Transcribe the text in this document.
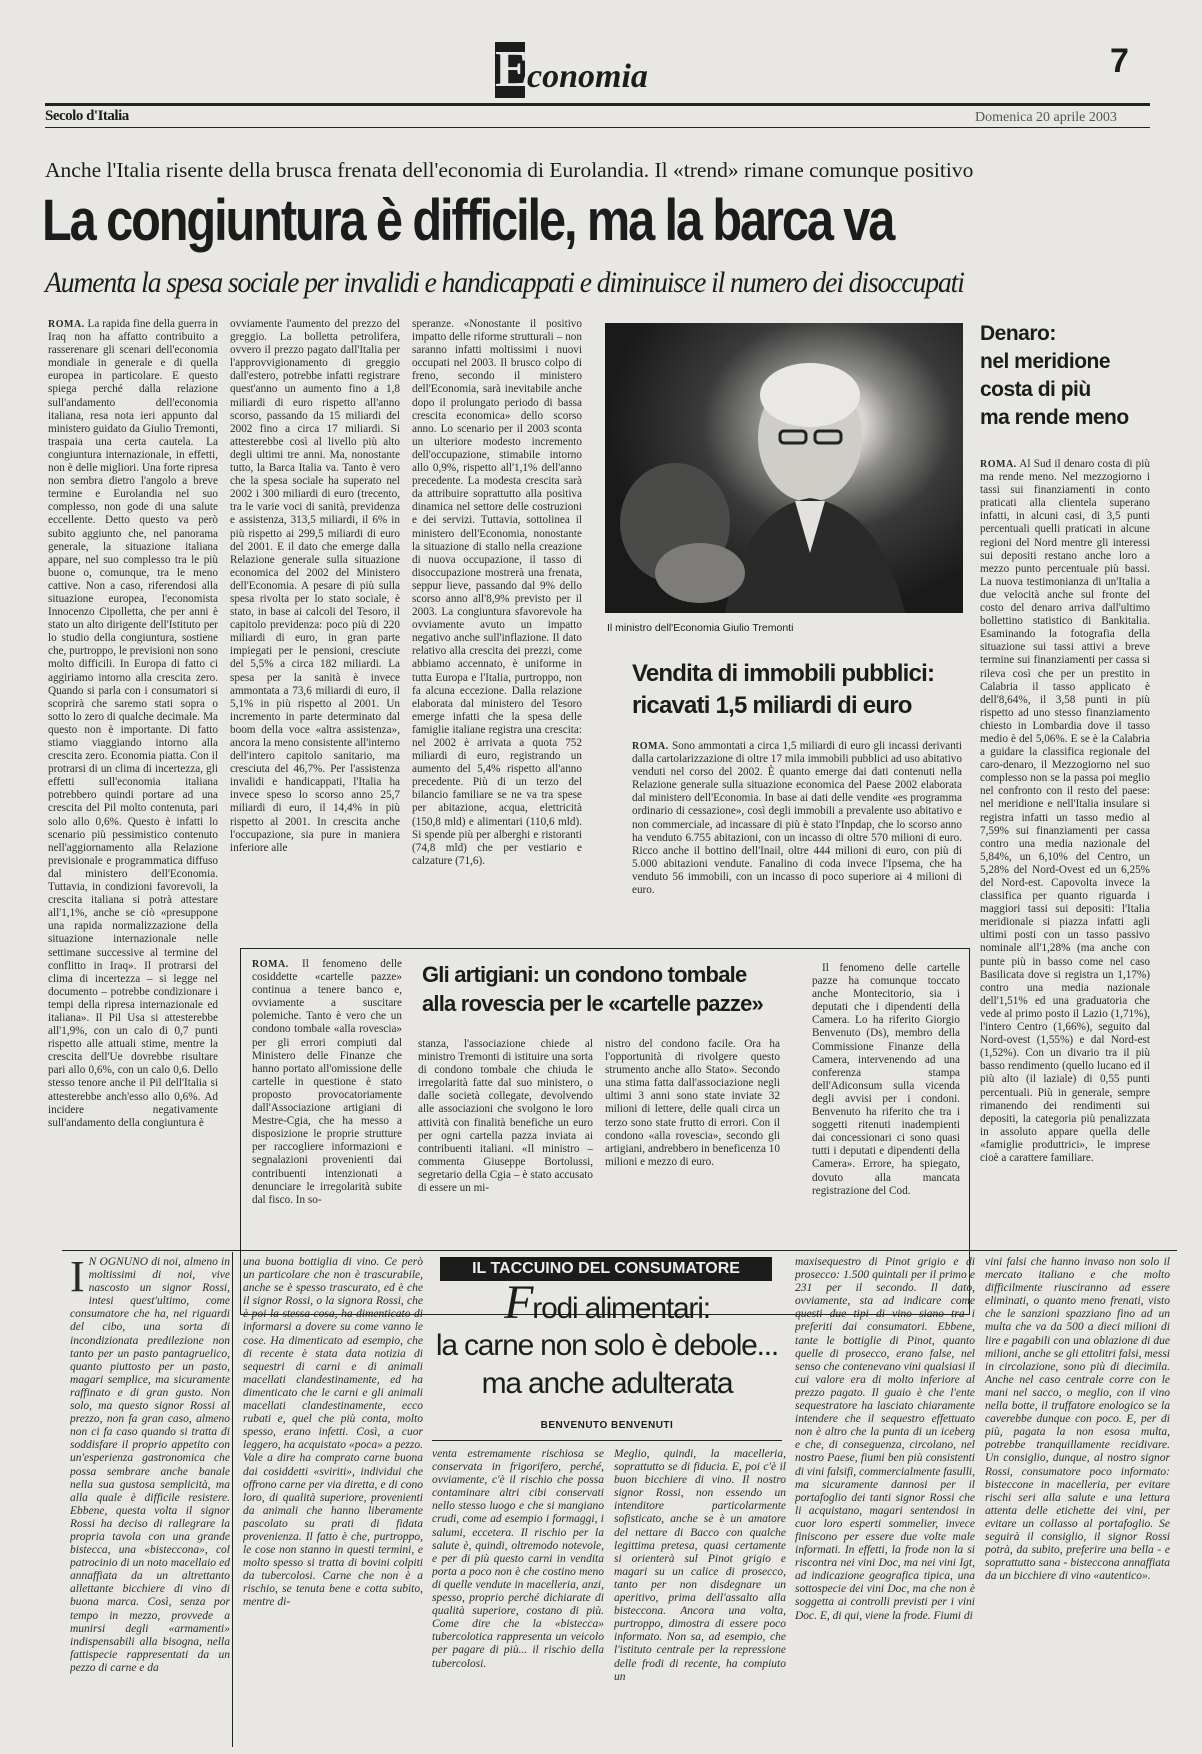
E
conomia	7
Secolo d'Italia	Domenica 20 aprile 2003
Anche l'Italia risente della brusca frenata dell'economia di Eurolandia. Il «trend» rimane comunque positivo
La congiuntura è difficile, ma la barca va
Aumenta la spesa sociale per invalidi e handicappati e diminuisce il numero dei disoccupati

ROMA. La rapida fine della guerra in Iraq non ha affatto contribuito a rasserenare gli scenari dell'economia mondiale in generale e di quella europea in particolare. E questo spiega perché dalla relazione sull'andamento dell'economia italiana, resa nota ieri appunto dal ministero guidato da Giulio Tremonti, traspaia una certa cautela. La congiuntura internazionale, in effetti, non è delle migliori. Una forte ripresa non sembra dietro l'angolo a breve termine e Eurolandia nel suo complesso, non gode di una salute eccellente. Detto questo va però subito aggiunto che, nel panorama generale, la situazione italiana appare, nel suo complesso tra le più buone o, comunque, tra le meno cattive. Non a caso, riferendosi alla situazione europea, l'economista Innocenzo Cipolletta, che per anni è stato un alto dirigente dell'Istituto per lo studio della congiuntura, sostiene che, purtroppo, le previsioni non sono molto difficili. In Europa di fatto ci aggiriamo intorno alla crescita zero. Quando si parla con i consumatori si scoprirà che saremo stati sopra o sotto lo zero di qualche decimale. Ma questo non è importante. Di fatto stiamo viaggiando intorno alla crescita zero. Economia piatta. Con il protrarsi di un clima di incertezza, gli effetti sull'economia italiana potrebbero quindi portare ad una crescita del Pil molto contenuta, pari solo allo 0,6%. Questo è infatti lo scenario più pessimistico contenuto nell'aggiornamento alla Relazione previsionale e programmatica diffuso dal ministero dell'Economia. Tuttavia, in condizioni favorevoli, la crescita italiana si potrà attestare all'1,1%, anche se ciò «presuppone una rapida normalizzazione della situazione internazionale nelle settimane successive al termine del conflitto in Iraq». Il protrarsi del clima di incertezza – si legge nel documento – potrebbe condizionare i tempi della ripresa internazionale ed italiana». Il Pil Usa si attesterebbe all'1,9%, con un calo di 0,7 punti rispetto alle attuali stime, mentre la crescita dell'Ue dovrebbe risultare pari allo 0,6%, con un calo 0,6. Dello stesso tenore anche il Pil dell'Italia si attesterebbe anch'esso allo 0,6%. Ad incidere negativamente sull'andamento della congiuntura è

ovviamente l'aumento del prezzo del greggio. La bolletta petrolifera, ovvero il prezzo pagato dall'Italia per l'approvvigionamento di greggio dall'estero, potrebbe infatti registrare quest'anno un aumento fino a 1,8 miliardi di euro rispetto all'anno scorso, passando da 15 miliardi del 2002 fino a circa 17 miliardi. Si attesterebbe così al livello più alto degli ultimi tre anni. Ma, nonostante tutto, la Barca Italia va. Tanto è vero che la spesa sociale ha superato nel 2002 i 300 miliardi di euro (trecento, tra le varie voci di sanità, previdenza e assistenza, 313,5 miliardi, il 6% in più rispetto ai 299,5 miliardi di euro del 2001. E il dato che emerge dalla Relazione generale sulla situazione economica del 2002 del Ministero dell'Economia. A pesare di più sulla spesa rivolta per lo stato sociale, è stato, in base ai calcoli del Tesoro, il capitolo previdenza: poco più di 220 miliardi di euro, in gran parte impiegati per le pensioni, cresciute del 5,5% a circa 182 miliardi. La spesa per la sanità è invece ammontata a 73,6 miliardi di euro, il 5,1% in più rispetto al 2001. Un incremento in parte determinato dal boom della voce «altra assistenza», ancora la meno consistente all'interno dell'intero capitolo sanitario, ma cresciuta del 46,7%. Per l'assistenza invalidi e handicappati, l'Italia ha invece speso lo scorso anno 25,7 miliardi di euro, il 14,4% in più rispetto al 2001. In crescita anche l'occupazione, sia pure in maniera inferiore alle

speranze. «Nonostante il positivo impatto delle riforme strutturali – non saranno infatti moltissimi i nuovi occupati nel 2003. Il brusco colpo di freno, secondo il ministero dell'Economia, sarà inevitabile anche dopo il prolungato periodo di bassa crescita economica» dello scorso anno. Lo scenario per il 2003 sconta un ulteriore modesto incremento dell'occupazione, stimabile intorno allo 0,9%, rispetto all'1,1% dell'anno precedente. La modesta crescita sarà da attribuire soprattutto alla positiva dinamica nel settore delle costruzioni e dei servizi. Tuttavia, sottolinea il ministero dell'Economia, nonostante la situazione di stallo nella creazione di nuova occupazione, il tasso di disoccupazione mostrerà una frenata, seppur lieve, passando dal 9% dello scorso anno all'8,9% previsto per il 2003. La congiuntura sfavorevole ha ovviamente avuto un impatto negativo anche sull'inflazione. Il dato relativo alla crescita dei prezzi, come abbiamo accennato, è uniforme in tutta Europa e l'Italia, purtroppo, non fa alcuna eccezione. Dalla relazione elaborata dal ministero del Tesoro emerge infatti che la spesa delle famiglie italiane registra una crescita: nel 2002 è arrivata a quota 752 miliardi di euro, registrando un aumento del 5,4% rispetto all'anno precedente. Più di un terzo del bilancio familiare se ne va tra spese per abitazione, acqua, elettricità (150,8 mld) e alimentari (110,6 mld). Si spende più per alberghi e ristoranti (74,8 mld) che per vestiario e calzature (71,6).

Il ministro dell'Economia Giulio Tremonti
Denaro:
nel meridione
costa di più
ma rende meno

ROMA. Al Sud il denaro costa di più ma rende meno. Nel mezzogiorno i tassi sui finanziamenti in conto praticati alla clientela superano infatti, in alcuni casi, di 3,5 punti percentuali quelli praticati in alcune regioni del Nord mentre gli interessi sui depositi restano anche loro a mezzo punto percentuale più bassi. La nuova testimonianza di un'Italia a due velocità anche sul fronte del costo del denaro arriva dall'ultimo bollettino statistico di Bankitalia. Esaminando la fotografia della situazione sui tassi attivi a breve termine sui finanziamenti per cassa si rileva così che per un prestito in Calabria il tasso applicato è dell'8,64%, il 3,58 punti in più rispetto ad uno stesso finanziamento chiesto in Lombardia dove il tasso medio è del 5,06%. E se è la Calabria a guidare la classifica regionale del caro-denaro, il Mezzogiorno nel suo complesso non se la passa poi meglio nel confronto con il resto del paese: nel meridione e nell'Italia insulare si registra infatti un tasso medio al 7,59% sui finanziamenti per cassa contro una media nazionale del 5,84%, un 6,10% del Centro, un 5,28% del Nord-Ovest ed un 6,25% del Nord-est. Capovolta invece la classifica per quanto riguarda i maggiori tassi sui depositi: l'Italia meridionale si piazza infatti agli ultimi posti con un tasso passivo nominale all'1,28% (ma anche con punte più in basso come nel caso Basilicata dove si registra un 1,17%) contro una media nazionale dell'1,51% ed una graduatoria che vede al primo posto il Lazio (1,71%), l'intero Centro (1,66%), seguito dal Nord-ovest (1,55%) e dal Nord-est (1,52%). Con un divario tra il più basso rendimento (quello lucano ed il più alto (il laziale) di 0,55 punti percentuali. Più in generale, sempre rimanendo dei rendimenti sui depositi, la categoria più penalizzata in assoluto appare quella delle «famiglie produttrici», le imprese cioè a carattere familiare.

Vendita di immobili pubblici:
ricavati 1,5 miliardi di euro

ROMA. Sono ammontati a circa 1,5 miliardi di euro gli incassi derivanti dalla cartolarizzazione di oltre 17 mila immobili pubblici ad uso abitativo venduti nel corso del 2002. È quanto emerge dai dati contenuti nella Relazione generale sulla situazione economica del Paese 2002 elaborata dal ministero dell'Economia. In base ai dati delle vendite «es programma ordinario di cessazione», così degli immobili a prevalente uso abitativo e non commerciale, ad incassare di più è stato l'Inpdap, che lo scorso anno ha venduto 6.755 abitazioni, con un incasso di oltre 570 milioni di euro. Ricco anche il bottino dell'Inail, oltre 444 milioni di euro, con più di 5.000 abitazioni vendute. Fanalino di coda invece l'Ipsema, che ha venduto 56 immobili, con un incasso di poco superiore ai 4 milioni di euro.

ROMA. Il fenomeno delle cosiddette «cartelle pazze» continua a tenere banco e, ovviamente a suscitare polemiche. Tanto è vero che un condono tombale «alla rovescia» per gli errori compiuti dal Ministero delle Finanze che hanno portato all'omissione delle cartelle in questione è stato proposto provocatoriamente dall'Associazione artigiani di Mestre-Cgia, che ha messo a disposizione le proprie strutture per raccogliere informazioni e segnalazioni provenienti dai contribuenti intenzionati a denunciare le irregolarità subite dal fisco. In so-

Gli artigiani: un condono tombale
alla rovescia per le «cartelle pazze»

stanza, l'associazione chiede al ministro Tremonti di istituire una sorta di condono tombale che chiuda le irregolarità fatte dal suo ministero, o dalle società collegate, devolvendo alle associazioni che svolgono le loro attività con finalità benefiche un euro per ogni cartella pazza inviata ai contribuenti italiani. «Il ministro – commenta Giuseppe Bortolussi, segretario della Cgia – è stato accusato di essere un mi-

nistro del condono facile. Ora ha l'opportunità di rivolgere questo strumento anche allo Stato». Secondo una stima fatta dall'associazione negli ultimi 3 anni sono state inviate 32 milioni di lettere, delle quali circa un terzo sono state frutto di errori. Con il condono «alla rovescia», secondo gli artigiani, andrebbero in beneficenza 10 milioni e mezzo di euro.

Il fenomeno delle cartelle pazze ha comunque toccato anche Montecitorio, sia i deputati che i dipendenti della Camera. Lo ha riferito Giorgio Benvenuto (Ds), membro della Commissione Finanze della Camera, intervenendo ad una conferenza stampa dell'Adiconsum sulla vicenda degli avvisi per i condoni. Benvenuto ha riferito che tra i soggetti ritenuti inadempienti dai concessionari ci sono quasi tutti i deputati e dipendenti della Camera». Errore, ha spiegato, dovuto alla mancata registrazione del Cod.

I N OGNUNO di noi, almeno in moltissimi di noi, vive nascosto un signor Rossi, intesi quest'ultimo, come consumatore che ha, nei riguardi del cibo, una sorta di incondizionata predilezione non tanto per un pasto pantagruelico, quanto piuttosto per un pasto, magari semplice, ma sicuramente raffinato e di gran gusto. Non solo, ma questo signor Rossi al prezzo, non fa gran caso, almeno non ci fa caso quando si tratta di soddisfare il proprio appetito con un'esperienza gastronomica che possa sembrare anche banale nella sua gustosa semplicità, ma alla quale è difficile resistere. Ebbene, questa volta il signor Rossi ha deciso di rallegrare la propria tavola con una grande bistecca, una «bisteccona», col patrocinio di un noto macellaio ed annaffiata da un altrettanto allettante bicchiere di vino di buona marca. Così, senza por tempo in mezzo, provvede a munirsi degli «armamenti» indispensabili alla bisogna, nella fattispecie rappresentati da un pezzo di carne e da

una buona bottiglia di vino. Ce però un particolare che non è trascurabile, anche se è spesso trascurato, ed è che il signor Rossi, o la signora Rossi, che è poi la stessa cosa, ha dimenticato di informarsi a dovere su come vanno le cose. Ha dimenticato ad esempio, che di recente è stata data notizia di sequestri di carni e di animali macellati clandestinamente, ed ha dimenticato che le carni e gli animali macellati clandestinamente, ecco rubati e, quel che più conta, molto spesso, erano infetti. Così, a cuor leggero, ha acquistato «poca» a pezzo. Vale a dire ha comprato carne buona dai cosiddetti «sviriti», individui che offrono carne per via diretta, e di cono loro, di qualità superiore, provenienti da animali che hanno liberamente pascolato su prati di fidata provenienza. Il fatto è che, purtroppo, le cose non stanno in questi termini, e molto spesso si tratta di bovini colpiti da tubercolosi. Carne che non è a rischio, se tenuta bene e cotta subito, mentre di-

IL TACCUINO DEL CONSUMATORE
Frodi alimentari:
la carne non solo è debole...
ma anche adulterata
BENVENUTO BENVENUTI

venta estremamente rischiosa se conservata in frigorifero, perché, ovviamente, c'è il rischio che possa contaminare altri cibi conservati nello stesso luogo e che si mangiano crudi, come ad esempio i formaggi, i salumi, eccetera. Il rischio per la salute è, quindi, oltremodo notevole, e per di più questo carni in vendita porta a poco non è che costino meno di quelle vendute in macelleria, anzi, spesso, proprio perché dichiarate di qualità superiore, costano di più. Come dire che la «bistecca» tubercolotica rappresenta un veicolo per pagare di più... il rischio della tubercolosi.

Meglio, quindi, la macelleria, soprattutto se di fiducia. E, poi c'è il buon bicchiere di vino. Il nostro signor Rossi, non essendo un intenditore particolarmente sofisticato, anche se è un amatore del nettare di Bacco con qualche legittima pretesa, quasi certamente si orienterà sul Pinot grigio e magari su un calice di prosecco, tanto per non disdegnare un aperitivo, prima dell'assalto alla bisteccona. Ancora una volta, purtroppo, dimostra di essere poco informato. Non sa, ad esempio, che l'istituto centrale per la repressione delle frodi di recente, ha compiuto un

maxisequestro di Pinot grigio e di prosecco: 1.500 quintali per il primo e 231 per il secondo. Il dato, ovviamente, sta ad indicare come questi due tipi di vino siano tra i preferiti dai consumatori. Ebbene, tante le bottiglie di Pinot, quanto quelle di prosecco, erano false, nel senso che contenevano vini qualsiasi il cui valore era di molto inferiore al prezzo pagato. Il guaio è che l'ente sequestratore ha lasciato chiaramente intendere che il sequestro effettuato non è altro che la punta di un iceberg e che, di conseguenza, circolano, nel nostro Paese, fiumi ben più consistenti di vini falsifi, commercialmente fasulli, ma sicuramente dannosi per il portafoglio dei tanti signor Rossi che li acquistano, magari sentendosi in cuor loro esperti sommelier, invece finiscono per essere due volte male informati. In effetti, la frode non la si riscontra nei vini Doc, ma nei vini Igt, ad indicazione geografica tipica, una sottospecie dei vini Doc, ma che non è soggetta ai controlli previsti per i vini Doc. E, di qui, viene la frode. Fiumi di

vini falsi che hanno invaso non solo il mercato italiano e che molto difficilmente riusciranno ad essere eliminati, o quanto meno frenati, visto che le sanzioni spazziano fino ad un multa che va da 500 a dieci milioni di lire e pagabili con una oblazione di due milioni, anche se gli ettolitri falsi, messi in circolazione, sono più di diecimila. Anche nel caso centrale corre con le mani nel sacco, o meglio, con il vino nella botte, il truffatore enologico se la caverebbe dunque con poco. E, per di più, pagata la non esosa multa, potrebbe tranquillamente recidivare. Un consiglio, dunque, al nostro signor Rossi, consumatore poco informato: bisteccone in macelleria, per evitare rischi seri alla salute e una lettura attenta delle etichette dei vini, per evitare un collasso al portafoglio. Se seguirà il consiglio, il signor Rossi potrà, da subito, preferire una bella - e soprattutto sana - bisteccona annaffiata da un bicchiere di vino «autentico».
